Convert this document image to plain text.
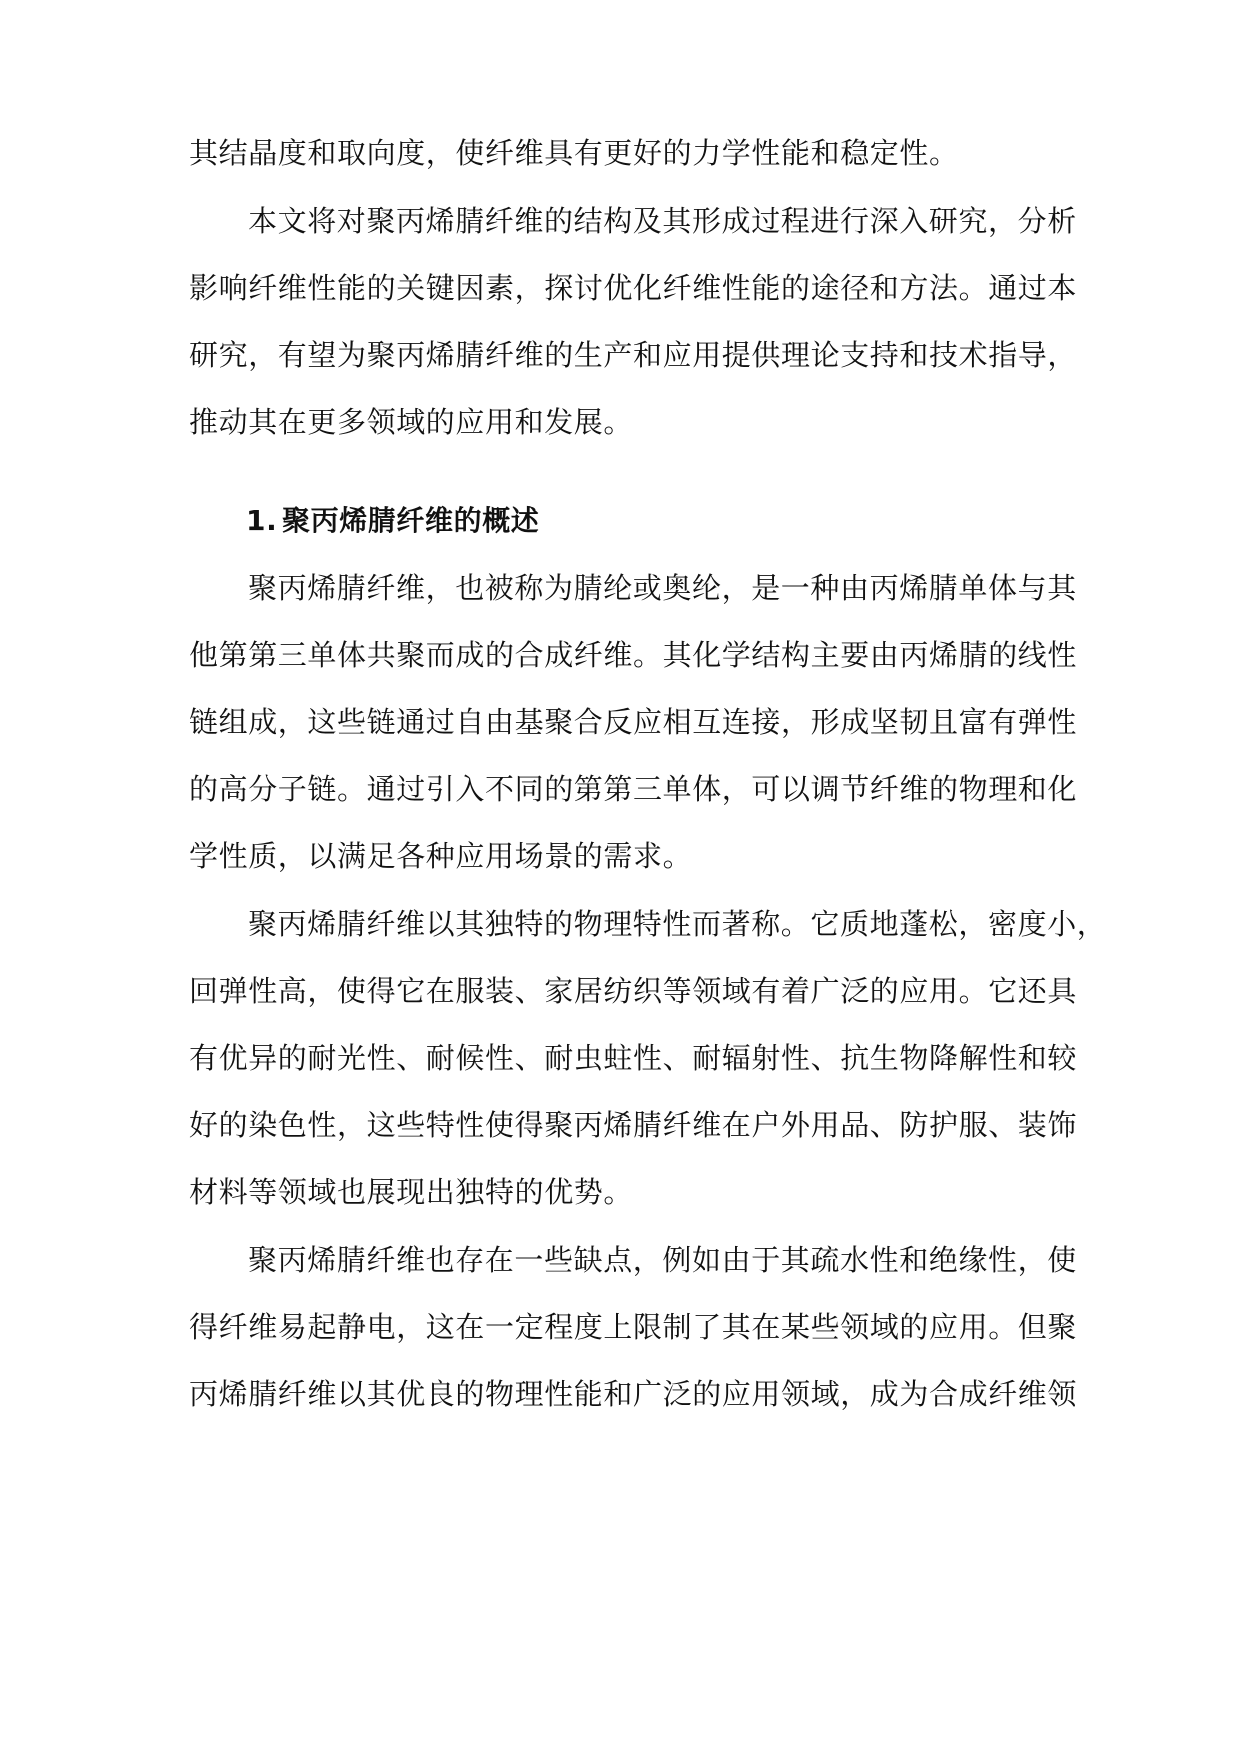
其结晶度和取向度，使纤维具有更好的力学性能和稳定性。
本文将对聚丙烯腈纤维的结构及其形成过程进行深入研究，分析
影响纤维性能的关键因素，探讨优化纤维性能的途径和方法。通过本
研究，有望为聚丙烯腈纤维的生产和应用提供理论支持和技术指导，
推动其在更多领域的应用和发展。
1. 聚丙烯腈纤维的概述
聚丙烯腈纤维，也被称为腈纶或奥纶，是一种由丙烯腈单体与其
他第第三单体共聚而成的合成纤维。其化学结构主要由丙烯腈的线性
链组成，这些链通过自由基聚合反应相互连接，形成坚韧且富有弹性
的高分子链。通过引入不同的第第三单体，可以调节纤维的物理和化
学性质，以满足各种应用场景的需求。
聚丙烯腈纤维以其独特的物理特性而著称。它质地蓬松，密度小，
回弹性高，使得它在服装、家居纺织等领域有着广泛的应用。它还具
有优异的耐光性、耐候性、耐虫蛀性、耐辐射性、抗生物降解性和较
好的染色性，这些特性使得聚丙烯腈纤维在户外用品、防护服、装饰
材料等领域也展现出独特的优势。
聚丙烯腈纤维也存在一些缺点，例如由于其疏水性和绝缘性，使
得纤维易起静电，这在一定程度上限制了其在某些领域的应用。但聚
丙烯腈纤维以其优良的物理性能和广泛的应用领域，成为合成纤维领
